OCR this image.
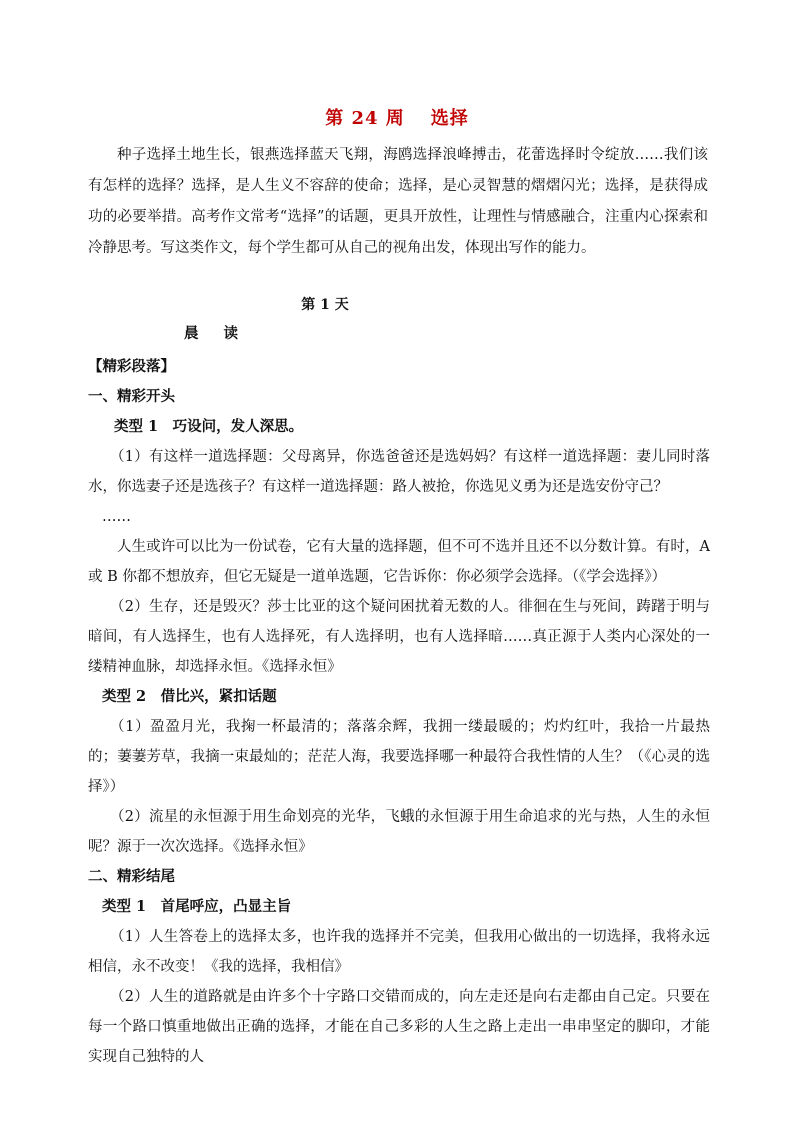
第 24 周 选择
种子选择土地生长，银燕选择蓝天飞翔，海鸥选择浪峰搏击，花蕾选择时令绽放……我们该有怎样的选择？选择，是人生义不容辞的使命；选择，是心灵智慧的熠熠闪光；选择，是获得成功的必要举措。高考作文常考“选择”的话题，更具开放性，让理性与情感融合，注重内心探索和冷静思考。写这类作文，每个学生都可从自己的视角出发，体现出写作的能力。
第 1 天
晨 读
【精彩段落】
一、精彩开头
类型 1　巧设问，发人深思。
（1）有这样一道选择题：父母离异，你选爸爸还是选妈妈？有这样一道选择题：妻儿同时落水，你选妻子还是选孩子？有这样一道选择题：路人被抢，你选见义勇为还是选安份守己？
……
人生或许可以比为一份试卷，它有大量的选择题，但不可不选并且还不以分数计算。有时，A 或 B 你都不想放弃，但它无疑是一道单选题，它告诉你：你必须学会选择。（《学会选择》）
（2）生存，还是毁灭？莎士比亚的这个疑问困扰着无数的人。徘徊在生与死间，踌躇于明与暗间，有人选择生，也有人选择死，有人选择明，也有人选择暗……真正源于人类内心深处的一缕精神血脉，却选择永恒。《选择永恒》
类型 2　借比兴，紧扣话题
（1）盈盈月光，我掬一杯最清的；落落余辉，我拥一缕最暖的；灼灼红叶，我拾一片最热的；萋萋芳草，我摘一束最灿的；茫茫人海，我要选择哪一种最符合我性情的人生？（《心灵的选择》）
（2）流星的永恒源于用生命划亮的光华，飞蛾的永恒源于用生命追求的光与热，人生的永恒呢？源于一次次选择。《选择永恒》
二、精彩结尾
类型 1　首尾呼应，凸显主旨
（1）人生答卷上的选择太多，也许我的选择并不完美，但我用心做出的一切选择，我将永远相信，永不改变！《我的选择，我相信》
（2）人生的道路就是由许多个十字路口交错而成的，向左走还是向右走都由自己定。只要在每一个路口慎重地做出正确的选择，才能在自己多彩的人生之路上走出一串串坚定的脚印，才能实现自己独特的人
